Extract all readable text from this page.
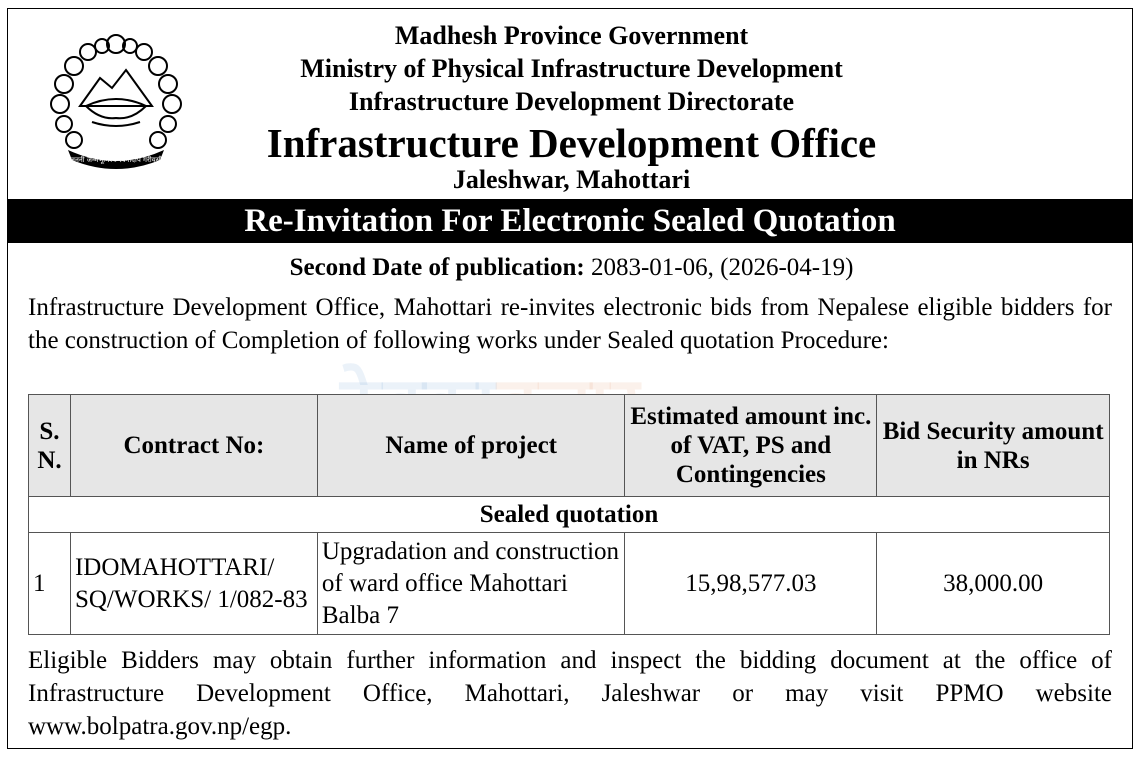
जननी जन्मभूमिश्च स्वर्गादपि गरीयसी
Madhesh Province Government
Ministry of Physical Infrastructure Development
Infrastructure Development Directorate
Infrastructure Development Office
Jaleshwar, Mahottari
Re-Invitation For Electronic Sealed Quotation
Second Date of publication: 2083-01-06, (2026-04-19)
Infrastructure Development Office, Mahottari re-invites electronic bids from Nepalese eligible bidders for the construction of Completion of following works under Sealed quotation Procedure:
S. N.	Contract No:	Name of project	Estimated amount inc. of VAT, PS and Contingencies	Bid Security amount in NRs
Sealed quotation				
1	IDOMAHOTTARI/ SQ/WORKS/ 1/082-83	Upgradation and construction of ward office Mahottari Balba 7	15,98,577.03	38,000.00
Eligible Bidders may obtain further information and inspect the bidding document at the office of Infrastructure Development Office, Mahottari, Jaleshwar or may visit PPMO website www.bolpatra.gov.np/egp.
